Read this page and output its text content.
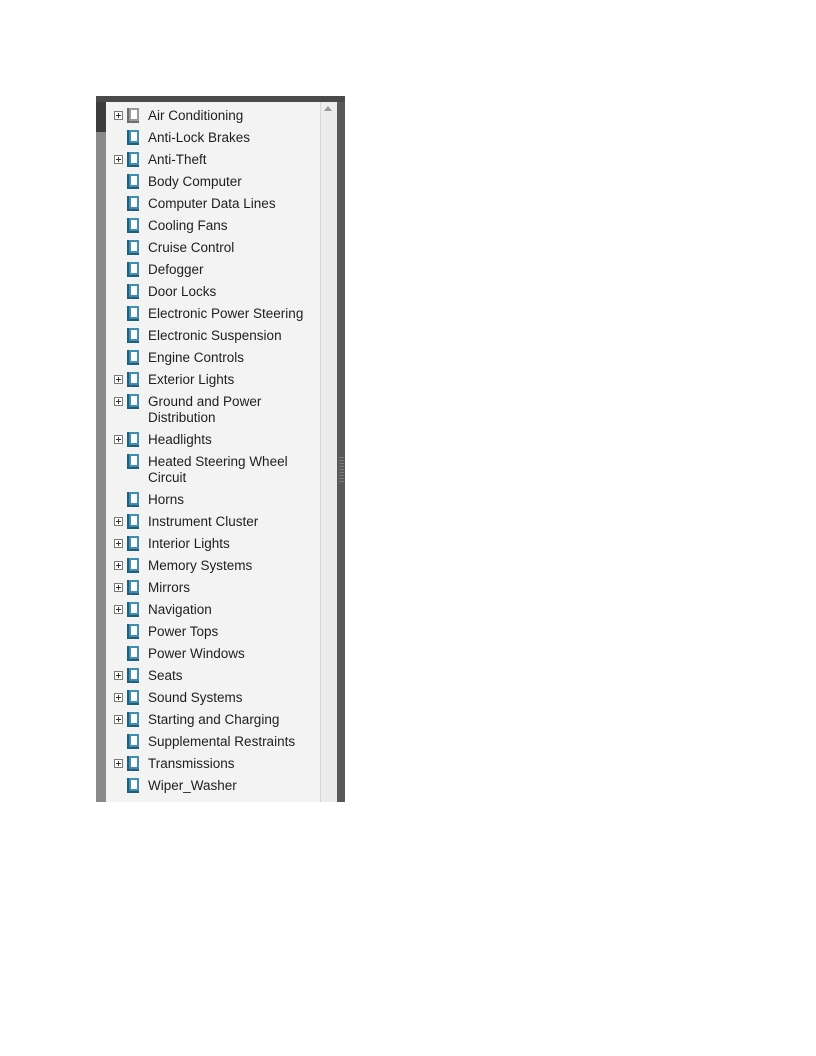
Air Conditioning
Anti-Lock Brakes
Anti-Theft
Body Computer
Computer Data Lines
Cooling Fans
Cruise Control
Defogger
Door Locks
Electronic Power Steering
Electronic Suspension
Engine Controls
Exterior Lights
Ground and Power Distribution
Headlights
Heated Steering Wheel Circuit
Horns
Instrument Cluster
Interior Lights
Memory Systems
Mirrors
Navigation
Power Tops
Power Windows
Seats
Sound Systems
Starting and Charging
Supplemental Restraints
Transmissions
Wiper_Washer
